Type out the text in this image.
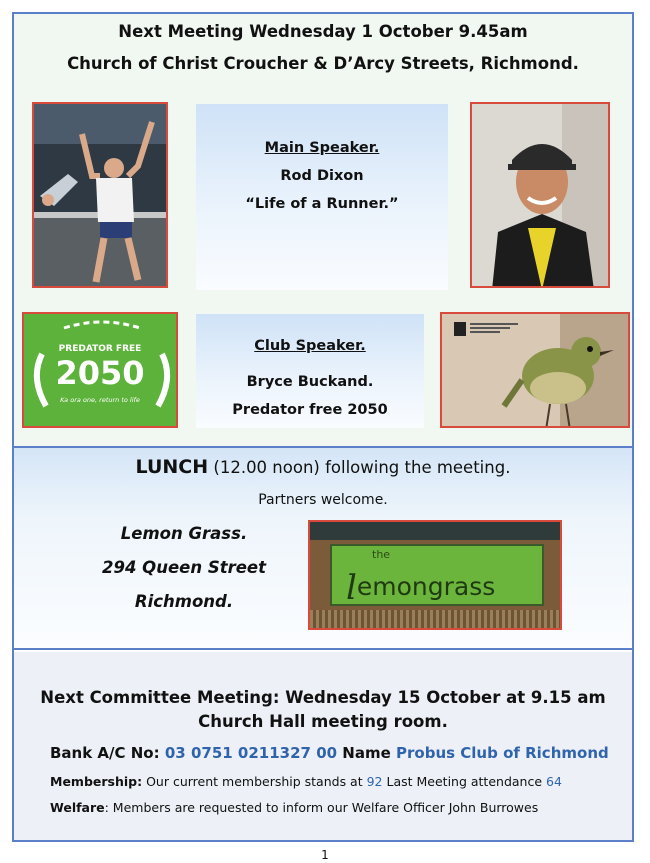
Next Meeting Wednesday 1 October 9.45am
Church of Christ Croucher & D’Arcy Streets, Richmond.
Main Speaker.
Rod Dixon
“Life of a Runner.”
PREDATOR FREE
2050
Ka ora one, return to life
Club Speaker.
Bryce Buckand.
Predator free 2050
LUNCH (12.00 noon) following the meeting.
Partners welcome.
Lemon Grass.
294 Queen Street
Richmond.
the
lemongrass
Next Committee Meeting: Wednesday 15 October at 9.15 am
Church Hall meeting room.
Bank A/C No: 03 0751 0211327 00 Name Probus Club of Richmond
Membership: Our current membership stands at 92 Last Meeting attendance 64
Welfare: Members are requested to inform our Welfare Officer John Burrowes
1
